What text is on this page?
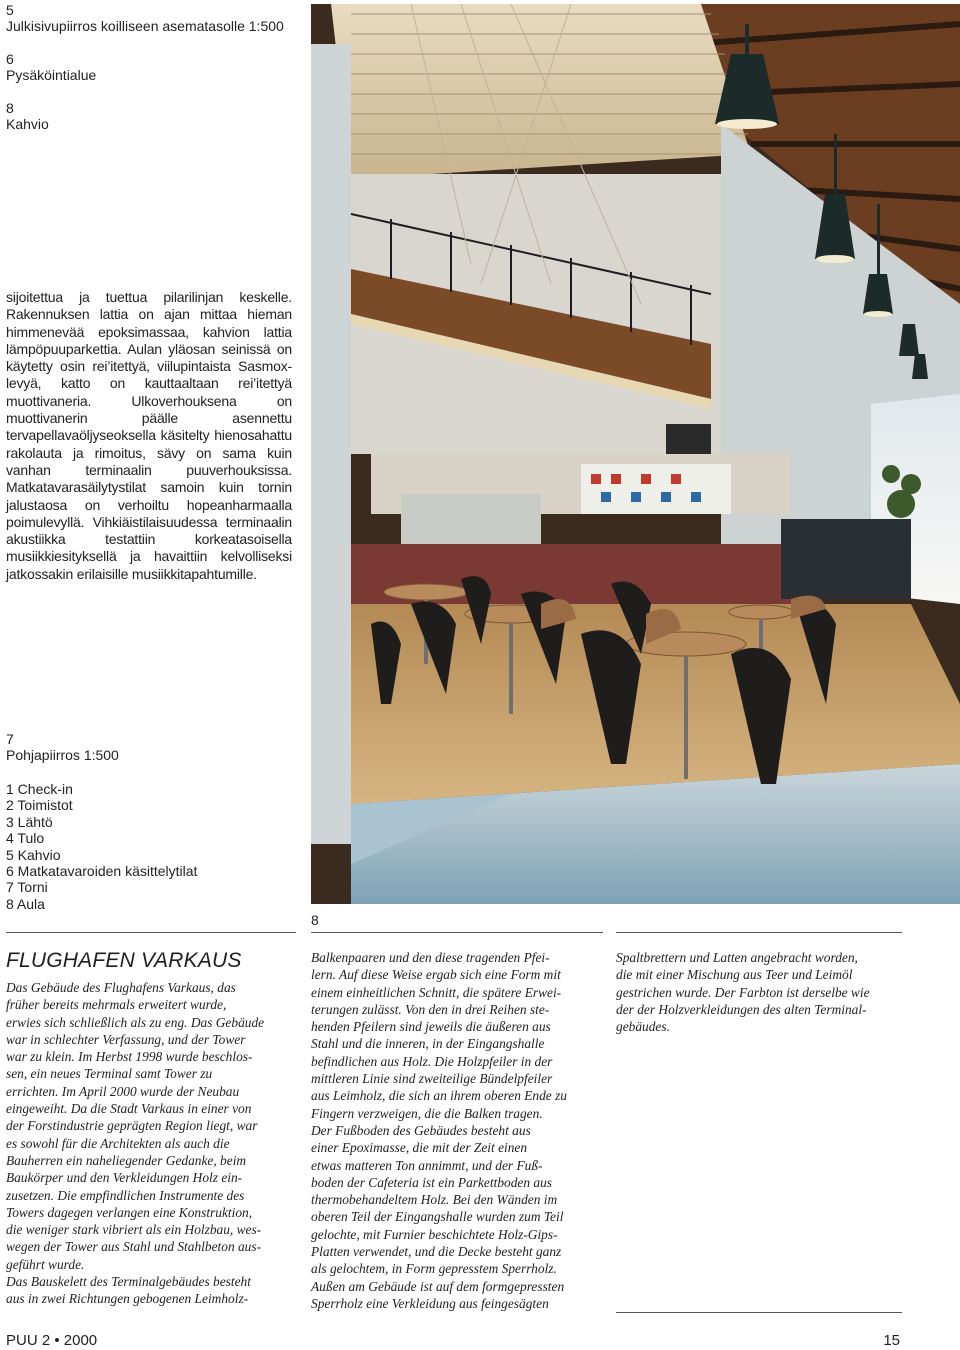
5
Julkisivupiirros koilliseen asematasolle 1:500
6
Pysäköintialue
8
Kahvio
sijoitettua ja tuettua pilarilinjan keskelle. Rakennuksen lattia on ajan mittaa hieman himmenevää epoksimassaa, kahvion lattia lämpöpuuparkettia. Aulan yläosan seinissä on käytetty osin rei’itettyä, viilupintaista Sasmox-levyä, katto on kauttaaltaan rei’itettyä muottivaneria. Ulkoverhouksena on muottivanerin päälle asennettu tervapellavaöljyseoksella käsitelty hienosahattu rakolauta ja rimoitus, sävy on sama kuin vanhan terminaalin puuverhouksissa. Matkatavarasäilytystilat samoin kuin tornin jalustaosa on verhoiltu hopeanharmaalla poimulevyllä. Vihkiäistilaisuudessa terminaalin akustiikka testattiin korkeatasoisella musiikkiesityksellä ja havaittiin kelvolliseksi jatkossakin erilaisille musiikkitapahtumille.
7
Pohjapiirros 1:500
1 Check-in
2 Toimistot
3 Lähtö
4 Tulo
5 Kahvio
6 Matkatavaroiden käsittelytilat
7 Torni
8 Aula
8
FLUGHAFEN VARKAUS
Das Gebäude des Flughafens Varkaus, das
früher bereits mehrmals erweitert wurde,
erwies sich schließlich als zu eng. Das Gebäude
war in schlechter Verfassung, und der Tower
war zu klein. Im Herbst 1998 wurde beschlos-
sen, ein neues Terminal samt Tower zu
errichten. Im April 2000 wurde der Neubau
eingeweiht. Da die Stadt Varkaus in einer von
der Forstindustrie geprägten Region liegt, war
es sowohl für die Architekten als auch die
Bauherren ein naheliegender Gedanke, beim
Baukörper und den Verkleidungen Holz ein-
zusetzen. Die empfindlichen Instrumente des
Towers dagegen verlangen eine Konstruktion,
die weniger stark vibriert als ein Holzbau, wes-
wegen der Tower aus Stahl und Stahlbeton aus-
geführt wurde.
Das Bauskelett des Terminalgebäudes besteht
aus in zwei Richtungen gebogenen Leimholz-
Balkenpaaren und den diese tragenden Pfei-
lern. Auf diese Weise ergab sich eine Form mit
einem einheitlichen Schnitt, die spätere Erwei-
terungen zulässt. Von den in drei Reihen ste-
henden Pfeilern sind jeweils die äußeren aus
Stahl und die inneren, in der Eingangshalle
befindlichen aus Holz. Die Holzpfeiler in der
mittleren Linie sind zweiteilige Bündelpfeiler
aus Leimholz, die sich an ihrem oberen Ende zu
Fingern verzweigen, die die Balken tragen.
Der Fußboden des Gebäudes besteht aus
einer Epoximasse, die mit der Zeit einen
etwas matteren Ton annimmt, und der Fuß-
boden der Cafeteria ist ein Parkettboden aus
thermobehandeltem Holz. Bei den Wänden im
oberen Teil der Eingangshalle wurden zum Teil
gelochte, mit Furnier beschichtete Holz-Gips-
Platten verwendet, und die Decke besteht ganz
als gelochtem, in Form gepresstem Sperrholz.
Außen am Gebäude ist auf dem formgepressten
Sperrholz eine Verkleidung aus feingesägten
Spaltbrettern und Latten angebracht worden,
die mit einer Mischung aus Teer und Leimöl
gestrichen wurde. Der Farbton ist derselbe wie
der der Holzverkleidungen des alten Terminal-
gebäudes.
PUU 2 • 2000	15
